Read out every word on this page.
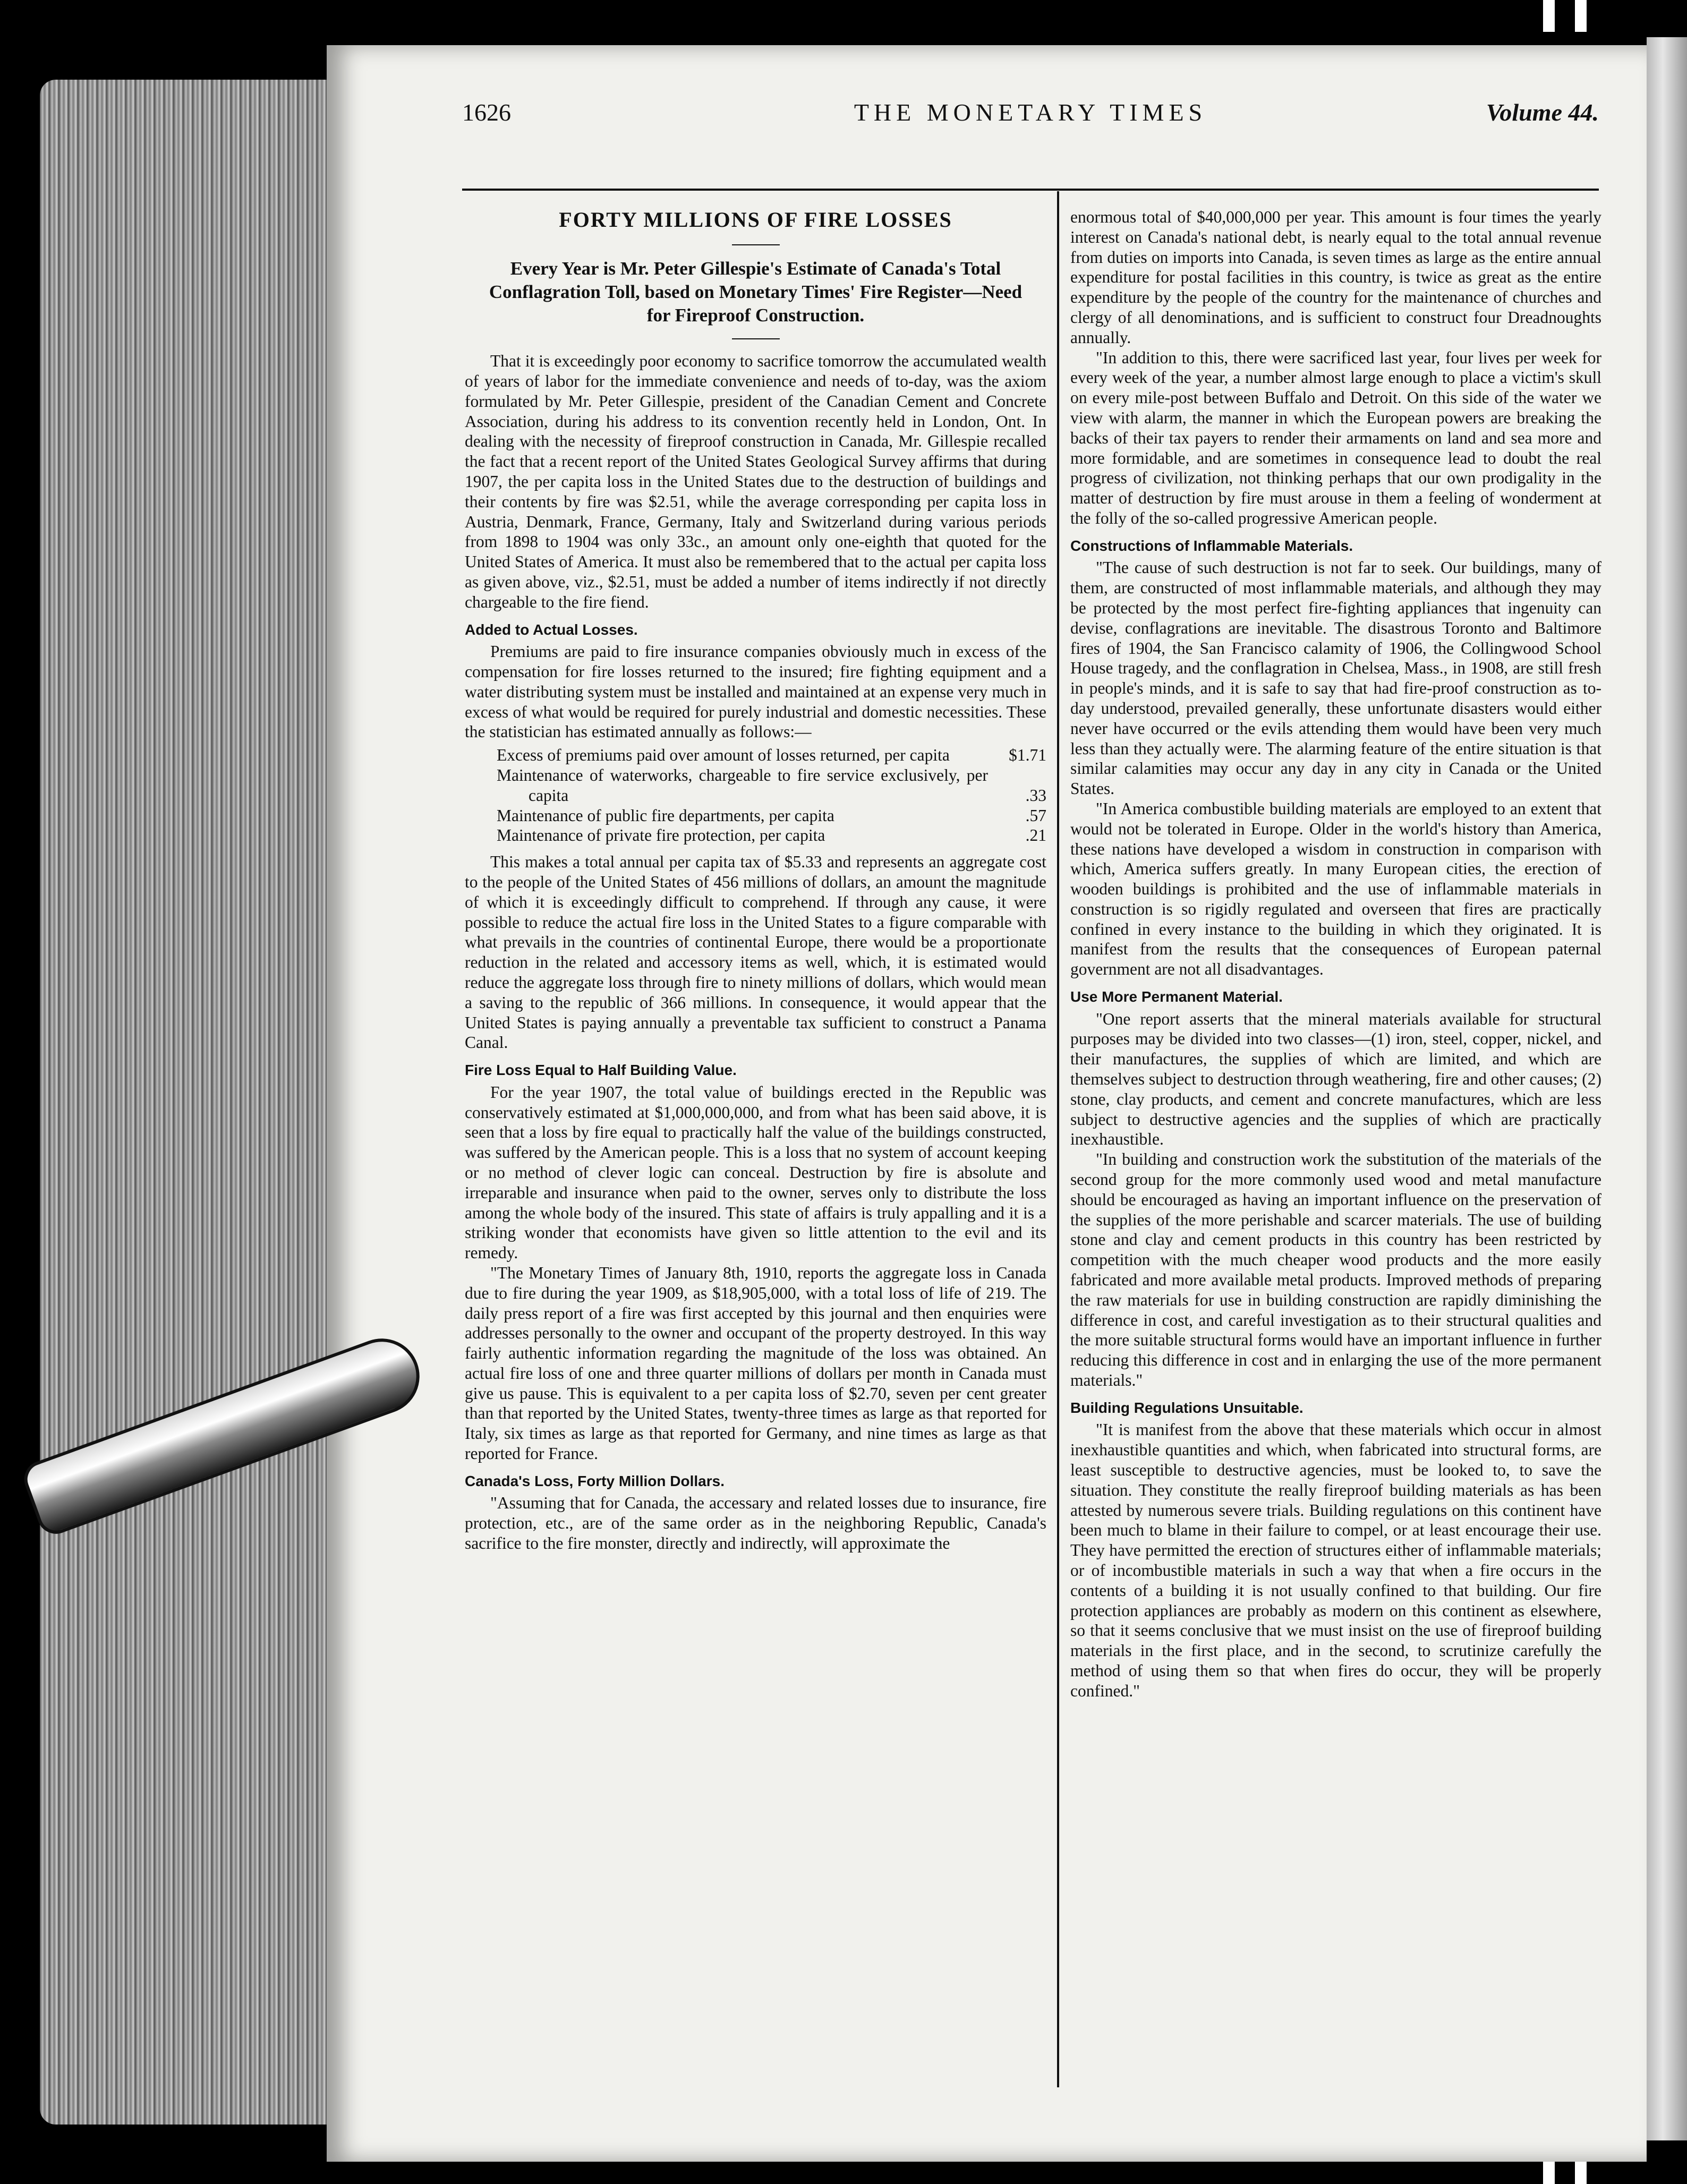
1626	THE MONETARY TIMES	Volume 44.
FORTY MILLIONS OF FIRE LOSSES
Every Year is Mr. Peter Gillespie's Estimate of Canada's Total Conflagration Toll, based on Monetary Times' Fire Register—Need for Fireproof Construction.

That it is exceedingly poor economy to sacrifice tomorrow the accumulated wealth of years of labor for the immediate convenience and needs of to-day, was the axiom formulated by Mr. Peter Gillespie, president of the Canadian Cement and Concrete Association, during his address to its convention recently held in London, Ont. In dealing with the necessity of fireproof construction in Canada, Mr. Gillespie recalled the fact that a recent report of the United States Geological Survey affirms that during 1907, the per capita loss in the United States due to the destruction of buildings and their contents by fire was $2.51, while the average corresponding per capita loss in Austria, Denmark, France, Germany, Italy and Switzerland during various periods from 1898 to 1904 was only 33c., an amount only one-eighth that quoted for the United States of America. It must also be remembered that to the actual per capita loss as given above, viz., $2.51, must be added a number of items indirectly if not directly chargeable to the fire fiend.

Added to Actual Losses.

Premiums are paid to fire insurance companies obviously much in excess of the compensation for fire losses returned to the insured; fire fighting equipment and a water distributing system must be installed and maintained at an expense very much in excess of what would be required for purely industrial and domestic necessities. These the statistician has estimated annually as follows:—

Excess of premiums paid over amount of losses returned, per capita	$1.71
Maintenance of waterworks, chargeable to fire service exclusively, per capita	.33
Maintenance of public fire departments, per capita	.57
Maintenance of private fire protection, per capita	.21

This makes a total annual per capita tax of $5.33 and represents an aggregate cost to the people of the United States of 456 millions of dollars, an amount the magnitude of which it is exceedingly difficult to comprehend. If through any cause, it were possible to reduce the actual fire loss in the United States to a figure comparable with what prevails in the countries of continental Europe, there would be a proportionate reduction in the related and accessory items as well, which, it is estimated would reduce the aggregate loss through fire to ninety millions of dollars, which would mean a saving to the republic of 366 millions. In consequence, it would appear that the United States is paying annually a preventable tax sufficient to construct a Panama Canal.

Fire Loss Equal to Half Building Value.

For the year 1907, the total value of buildings erected in the Republic was conservatively estimated at $1,000,000,000, and from what has been said above, it is seen that a loss by fire equal to practically half the value of the buildings constructed, was suffered by the American people. This is a loss that no system of account keeping or no method of clever logic can conceal. Destruction by fire is absolute and irreparable and insurance when paid to the owner, serves only to distribute the loss among the whole body of the insured. This state of affairs is truly appalling and it is a striking wonder that economists have given so little attention to the evil and its remedy.

"The Monetary Times of January 8th, 1910, reports the aggregate loss in Canada due to fire during the year 1909, as $18,905,000, with a total loss of life of 219. The daily press report of a fire was first accepted by this journal and then enquiries were addresses personally to the owner and occupant of the property destroyed. In this way fairly authentic information regarding the magnitude of the loss was obtained. An actual fire loss of one and three quarter millions of dollars per month in Canada must give us pause. This is equivalent to a per capita loss of $2.70, seven per cent greater than that reported by the United States, twenty-three times as large as that reported for Italy, six times as large as that reported for Germany, and nine times as large as that reported for France.

Canada's Loss, Forty Million Dollars.

"Assuming that for Canada, the accessary and related losses due to insurance, fire protection, etc., are of the same order as in the neighboring Republic, Canada's sacrifice to the fire monster, directly and indirectly, will approximate the

enormous total of $40,000,000 per year. This amount is four times the yearly interest on Canada's national debt, is nearly equal to the total annual revenue from duties on imports into Canada, is seven times as large as the entire annual expenditure for postal facilities in this country, is twice as great as the entire expenditure by the people of the country for the maintenance of churches and clergy of all denominations, and is sufficient to construct four Dreadnoughts annually.

"In addition to this, there were sacrificed last year, four lives per week for every week of the year, a number almost large enough to place a victim's skull on every mile-post between Buffalo and Detroit. On this side of the water we view with alarm, the manner in which the European powers are breaking the backs of their tax payers to render their armaments on land and sea more and more formidable, and are sometimes in consequence lead to doubt the real progress of civilization, not thinking perhaps that our own prodigality in the matter of destruction by fire must arouse in them a feeling of wonderment at the folly of the so-called progressive American people.

Constructions of Inflammable Materials.

"The cause of such destruction is not far to seek. Our buildings, many of them, are constructed of most inflammable materials, and although they may be protected by the most perfect fire-fighting appliances that ingenuity can devise, conflagrations are inevitable. The disastrous Toronto and Baltimore fires of 1904, the San Francisco calamity of 1906, the Collingwood School House tragedy, and the conflagration in Chelsea, Mass., in 1908, are still fresh in people's minds, and it is safe to say that had fire-proof construction as to-day understood, prevailed generally, these unfortunate disasters would either never have occurred or the evils attending them would have been very much less than they actually were. The alarming feature of the entire situation is that similar calamities may occur any day in any city in Canada or the United States.

"In America combustible building materials are employed to an extent that would not be tolerated in Europe. Older in the world's history than America, these nations have developed a wisdom in construction in comparison with which, America suffers greatly. In many European cities, the erection of wooden buildings is prohibited and the use of inflammable materials in construction is so rigidly regulated and overseen that fires are practically confined in every instance to the building in which they originated. It is manifest from the results that the consequences of European paternal government are not all disadvantages.

Use More Permanent Material.

"One report asserts that the mineral materials available for structural purposes may be divided into two classes—(1) iron, steel, copper, nickel, and their manufactures, the supplies of which are limited, and which are themselves subject to destruction through weathering, fire and other causes; (2) stone, clay products, and cement and concrete manufactures, which are less subject to destructive agencies and the supplies of which are practically inexhaustible.

"In building and construction work the substitution of the materials of the second group for the more commonly used wood and metal manufacture should be encouraged as having an important influence on the preservation of the supplies of the more perishable and scarcer materials. The use of building stone and clay and cement products in this country has been restricted by competition with the much cheaper wood products and the more easily fabricated and more available metal products. Improved methods of preparing the raw materials for use in building construction are rapidly diminishing the difference in cost, and careful investigation as to their structural qualities and the more suitable structural forms would have an important influence in further reducing this difference in cost and in enlarging the use of the more permanent materials."

Building Regulations Unsuitable.

"It is manifest from the above that these materials which occur in almost inexhaustible quantities and which, when fabricated into structural forms, are least susceptible to destructive agencies, must be looked to, to save the situation. They constitute the really fireproof building materials as has been attested by numerous severe trials. Building regulations on this continent have been much to blame in their failure to compel, or at least encourage their use. They have permitted the erection of structures either of inflammable materials; or of incombustible materials in such a way that when a fire occurs in the contents of a building it is not usually confined to that building. Our fire protection appliances are probably as modern on this continent as elsewhere, so that it seems conclusive that we must insist on the use of fireproof building materials in the first place, and in the second, to scrutinize carefully the method of using them so that when fires do occur, they will be properly confined."
